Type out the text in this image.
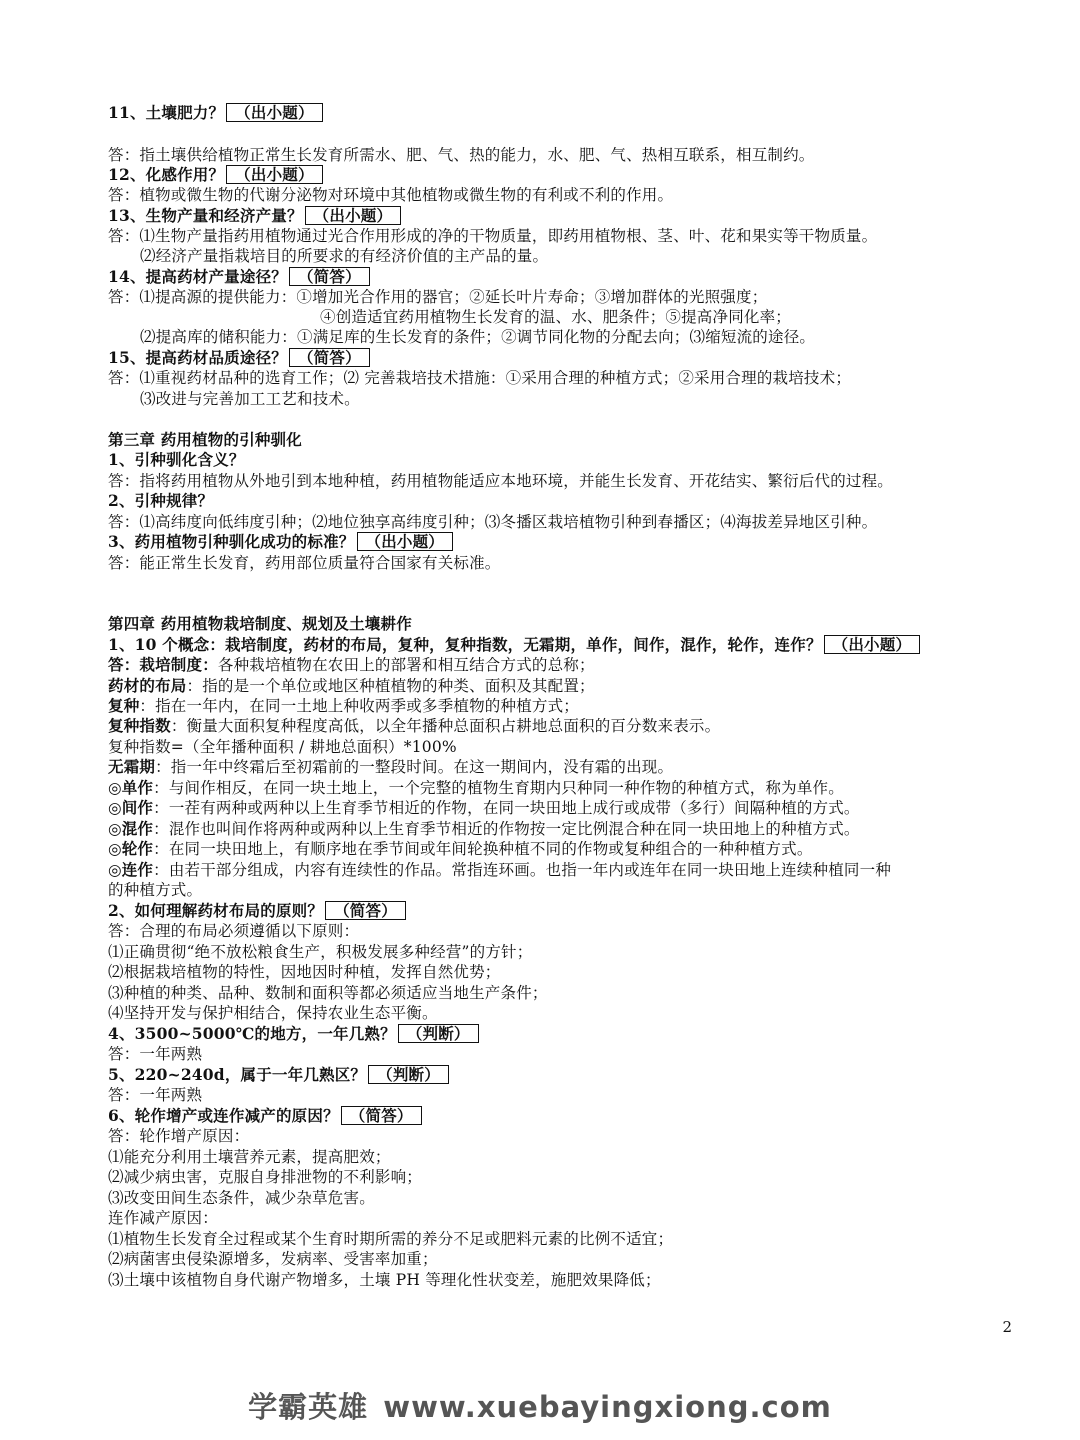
11、土壤肥力？ （出小题）
答：指土壤供给植物正常生长发育所需水、肥、气、热的能力，水、肥、气、热相互联系，相互制约。
12、化感作用？ （出小题）
答：植物或微生物的代谢分泌物对环境中其他植物或微生物的有利或不利的作用。
13、生物产量和经济产量？ （出小题）
答：⑴生物产量指药用植物通过光合作用形成的净的干物质量，即药用植物根、茎、叶、花和果实等干物质量。
⑵经济产量指栽培目的所要求的有经济价值的主产品的量。
14、提高药材产量途径？ （简答）
答：⑴提高源的提供能力：①增加光合作用的器官；②延长叶片寿命；③增加群体的光照强度；
④创造适宜药用植物生长发育的温、水、肥条件；⑤提高净同化率；
⑵提高库的储积能力：①满足库的生长发育的条件；②调节同化物的分配去向；⑶缩短流的途径。
15、提高药材品质途径？ （简答）
答：⑴重视药材品种的选育工作；⑵ 完善栽培技术措施：①采用合理的种植方式；②采用合理的栽培技术；
⑶改进与完善加工工艺和技术。
第三章 药用植物的引种驯化
1、引种驯化含义？
答：指将药用植物从外地引到本地种植，药用植物能适应本地环境，并能生长发育、开花结实、繁衍后代的过程。
2、引种规律？
答：⑴高纬度向低纬度引种；⑵地位独享高纬度引种；⑶冬播区栽培植物引种到春播区；⑷海拔差异地区引种。
3、药用植物引种驯化成功的标准？ （出小题）
答：能正常生长发育，药用部位质量符合国家有关标准。
第四章 药用植物栽培制度、规划及土壤耕作
1、10 个概念：栽培制度，药材的布局，复种，复种指数，无霜期，单作，间作，混作，轮作，连作？ （出小题）
答：栽培制度：各种栽培植物在农田上的部署和相互结合方式的总称；
药材的布局：指的是一个单位或地区种植植物的种类、面积及其配置；
复种：指在一年内，在同一土地上种收两季或多季植物的种植方式；
复种指数：衡量大面积复种程度高低，以全年播种总面积占耕地总面积的百分数来表示。
复种指数=（全年播种面积 / 耕地总面积）*100%
无霜期：指一年中终霜后至初霜前的一整段时间。在这一期间内，没有霜的出现。
◎单作：与间作相反，在同一块土地上，一个完整的植物生育期内只种同一种作物的种植方式，称为单作。
◎间作：一茬有两种或两种以上生育季节相近的作物，在同一块田地上成行或成带（多行）间隔种植的方式。
◎混作：混作也叫间作将两种或两种以上生育季节相近的作物按一定比例混合种在同一块田地上的种植方式。
◎轮作：在同一块田地上，有顺序地在季节间或年间轮换种植不同的作物或复种组合的一种种植方式。
◎连作：由若干部分组成，内容有连续性的作品。常指连环画。也指一年内或连年在同一块田地上连续种植同一种
的种植方式。
2、如何理解药材布局的原则？ （简答）
答：合理的布局必须遵循以下原则：
⑴正确贯彻“绝不放松粮食生产，积极发展多种经营”的方针；
⑵根据栽培植物的特性，因地因时种植，发挥自然优势；
⑶种植的种类、品种、数制和面积等都必须适应当地生产条件；
⑷坚持开发与保护相结合，保持农业生态平衡。
4、3500~5000℃的地方，一年几熟？ （判断）
答：一年两熟
5、220~240d，属于一年几熟区？ （判断）
答：一年两熟
6、轮作增产或连作减产的原因？ （简答）
答：轮作增产原因：
⑴能充分利用土壤营养元素，提高肥效；
⑵减少病虫害，克服自身排泄物的不利影响；
⑶改变田间生态条件，减少杂草危害。
连作减产原因：
⑴植物生长发育全过程或某个生育时期所需的养分不足或肥料元素的比例不适宜；
⑵病菌害虫侵染源增多，发病率、受害率加重；
⑶土壤中该植物自身代谢产物增多，土壤 PH 等理化性状变差，施肥效果降低；
2
学霸英雄 www.xuebayingxiong.com
